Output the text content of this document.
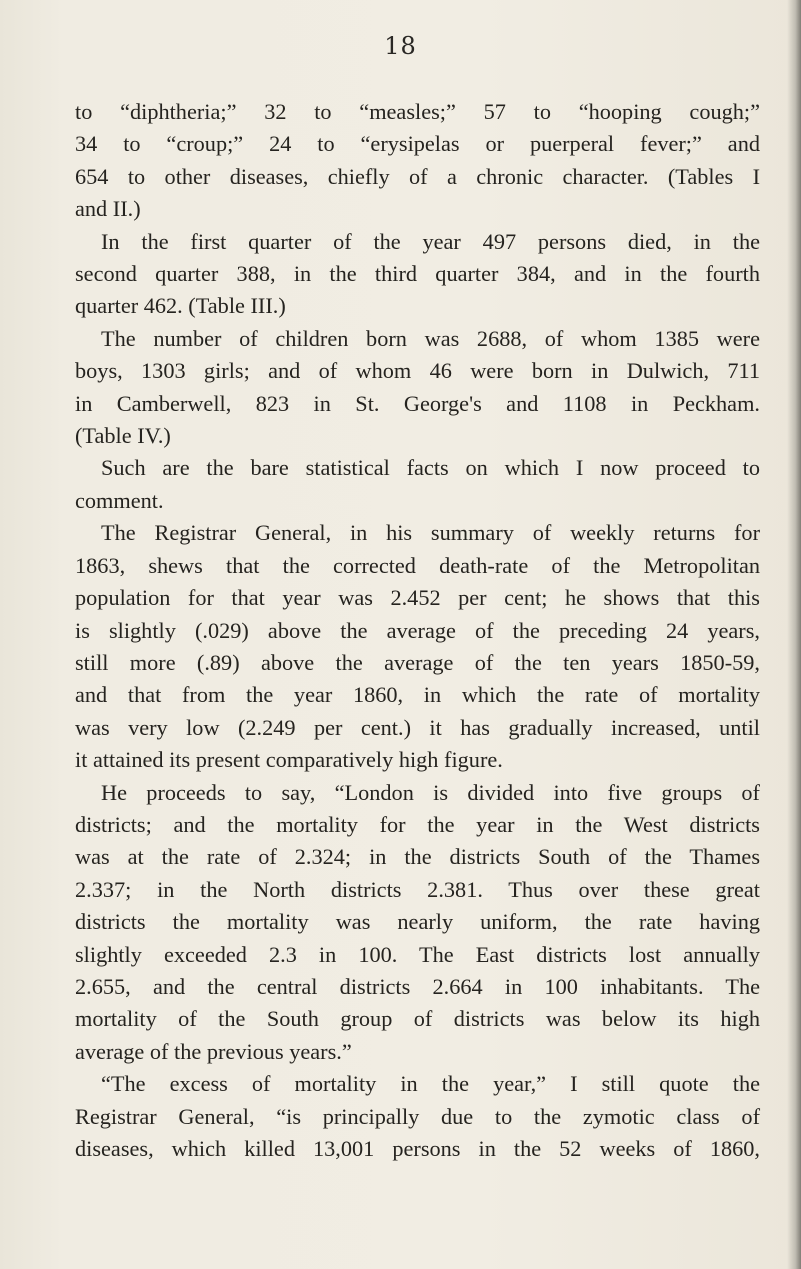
18
to “diphtheria;” 32 to “measles;” 57 to “hooping cough;”
34 to “croup;” 24 to “erysipelas or puerperal fever;” and
654 to other diseases, chiefly of a chronic character. (Tables I
and II.)
In the first quarter of the year 497 persons died, in the
second quarter 388, in the third quarter 384, and in the fourth
quarter 462. (Table III.)
The number of children born was 2688, of whom 1385 were
boys, 1303 girls; and of whom 46 were born in Dulwich, 711
in Camberwell, 823 in St. George's and 1108 in Peckham.
(Table IV.)
Such are the bare statistical facts on which I now proceed to
comment.
The Registrar General, in his summary of weekly returns for
1863, shews that the corrected death-rate of the Metropolitan
population for that year was 2.452 per cent; he shows that this
is slightly (.029) above the average of the preceding 24 years,
still more (.89) above the average of the ten years 1850-59,
and that from the year 1860, in which the rate of mortality
was very low (2.249 per cent.) it has gradually increased, until
it attained its present comparatively high figure.
He proceeds to say, “London is divided into five groups of
districts; and the mortality for the year in the West districts
was at the rate of 2.324; in the districts South of the Thames
2.337; in the North districts 2.381. Thus over these great
districts the mortality was nearly uniform, the rate having
slightly exceeded 2.3 in 100. The East districts lost annually
2.655, and the central districts 2.664 in 100 inhabitants. The
mortality of the South group of districts was below its high
average of the previous years.”
“The excess of mortality in the year,” I still quote the
Registrar General, “is principally due to the zymotic class of
diseases, which killed 13,001 persons in the 52 weeks of 1860,
